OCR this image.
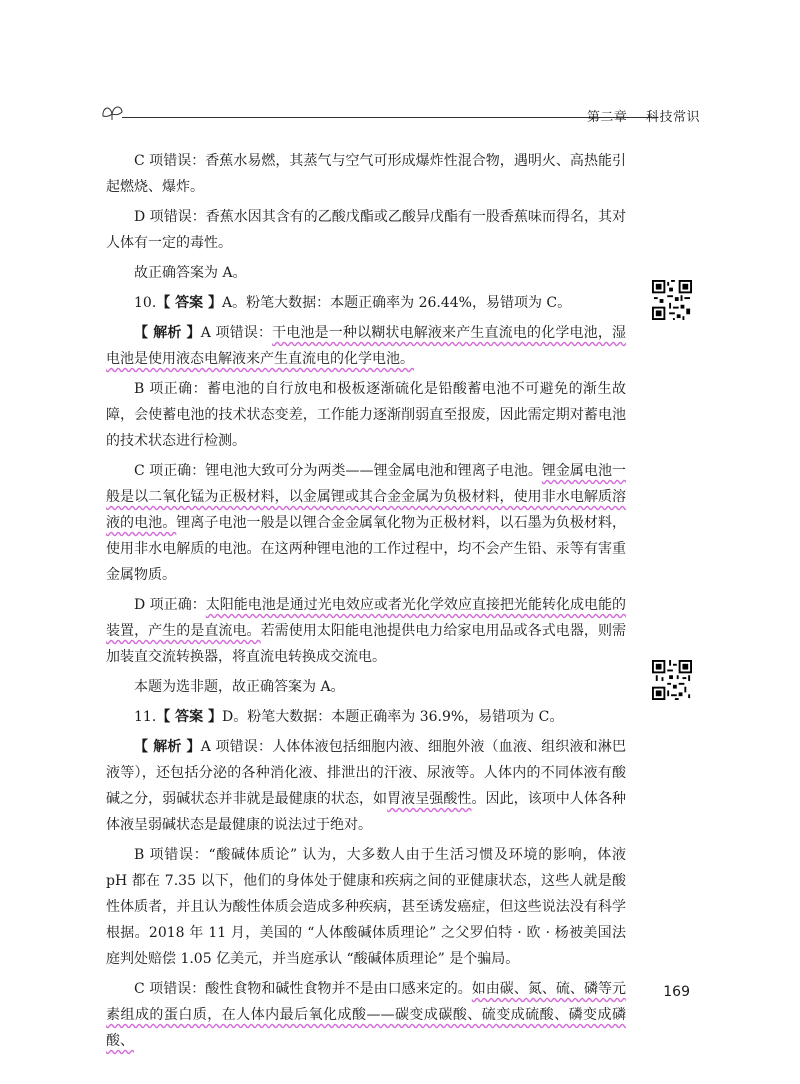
第二章 科技常识

C 项错误：香蕉水易燃，其蒸气与空气可形成爆炸性混合物，遇明火、高热能引起燃烧、爆炸。

D 项错误：香蕉水因其含有的乙酸戊酯或乙酸异戊酯有一股香蕉味而得名，其对人体有一定的毒性。

故正确答案为 A。

10.【 答案 】A。粉笔大数据：本题正确率为 26.44%，易错项为 C。

【 解析 】A 项错误：干电池是一种以糊状电解液来产生直流电的化学电池，湿电池是使用液态电解液来产生直流电的化学电池。

B 项正确：蓄电池的自行放电和极板逐渐硫化是铅酸蓄电池不可避免的渐生故障，会使蓄电池的技术状态变差，工作能力逐渐削弱直至报废，因此需定期对蓄电池的技术状态进行检测。

C 项正确：锂电池大致可分为两类——锂金属电池和锂离子电池。锂金属电池一般是以二氧化锰为正极材料，以金属锂或其合金金属为负极材料，使用非水电解质溶液的电池。锂离子电池一般是以锂合金金属氧化物为正极材料，以石墨为负极材料，使用非水电解质的电池。在这两种锂电池的工作过程中，均不会产生铅、汞等有害重金属物质。

D 项正确：太阳能电池是通过光电效应或者光化学效应直接把光能转化成电能的装置，产生的是直流电。若需使用太阳能电池提供电力给家电用品或各式电器，则需加装直交流转换器，将直流电转换成交流电。

本题为选非题，故正确答案为 A。

11.【 答案 】D。粉笔大数据：本题正确率为 36.9%，易错项为 C。

【 解析 】A 项错误：人体体液包括细胞内液、细胞外液（血液、组织液和淋巴液等），还包括分泌的各种消化液、排泄出的汗液、尿液等。人体内的不同体液有酸碱之分，弱碱状态并非就是最健康的状态，如胃液呈强酸性。因此，该项中人体各种体液呈弱碱状态是最健康的说法过于绝对。

B 项错误：“酸碱体质论” 认为，大多数人由于生活习惯及环境的影响，体液 pH 都在 7.35 以下，他们的身体处于健康和疾病之间的亚健康状态，这些人就是酸性体质者，并且认为酸性体质会造成多种疾病，甚至诱发癌症，但这些说法没有科学根据。2018 年 11 月，美国的 “人体酸碱体质理论” 之父罗伯特 · 欧 · 杨被美国法庭判处赔偿 1.05 亿美元，并当庭承认 “酸碱体质理论” 是个骗局。

C 项错误：酸性食物和碱性食物并不是由口感来定的。如由碳、氮、硫、磷等元素组成的蛋白质，在人体内最后氧化成酸——碳变成碳酸、硫变成硫酸、磷变成磷酸、

169
